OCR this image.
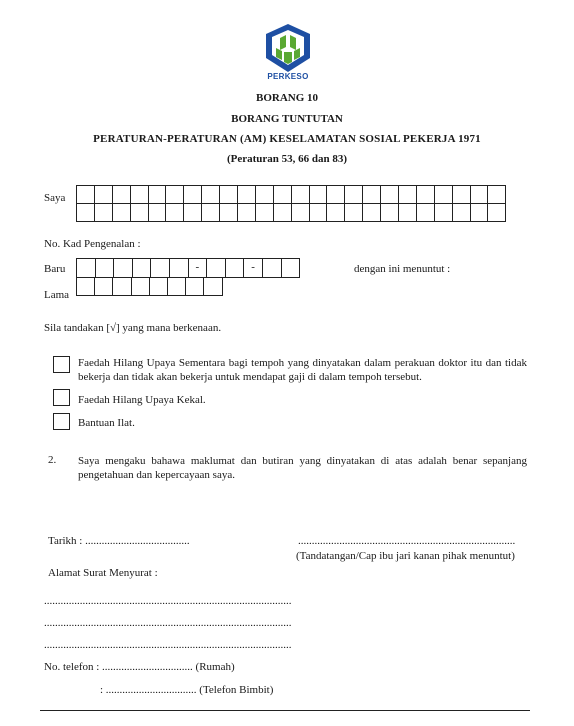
PERKESO
BORANG 10
BORANG TUNTUTAN
PERATURAN-PERATURAN (AM) KESELAMATAN SOSIAL PEKERJA 1971
(Peraturan 53, 66 dan 83)
Saya
No. Kad Pengenalan :
Baru - -	dengan ini menuntut :
Lama
Sila tandakan [√] yang mana berkenaan.
Faedah Hilang Upaya Sementara bagi tempoh yang dinyatakan dalam perakuan doktor itu dan tidak bekerja dan tidak akan bekerja untuk mendapat gaji di dalam tempoh tersebut.
Faedah Hilang Upaya Kekal.
Bantuan Ilat.
2. Saya mengaku bahawa maklumat dan butiran yang dinyatakan di atas adalah benar sepanjang pengetahuan dan kepercayaan saya.
Tarikh : ......................................	...............................................................................
(Tandatangan/Cap ibu jari kanan pihak menuntut)
Alamat Surat Menyurat :
..........................................................................................
..........................................................................................
..........................................................................................
No. telefon : ................................. (Rumah)
: ................................. (Telefon Bimbit)
